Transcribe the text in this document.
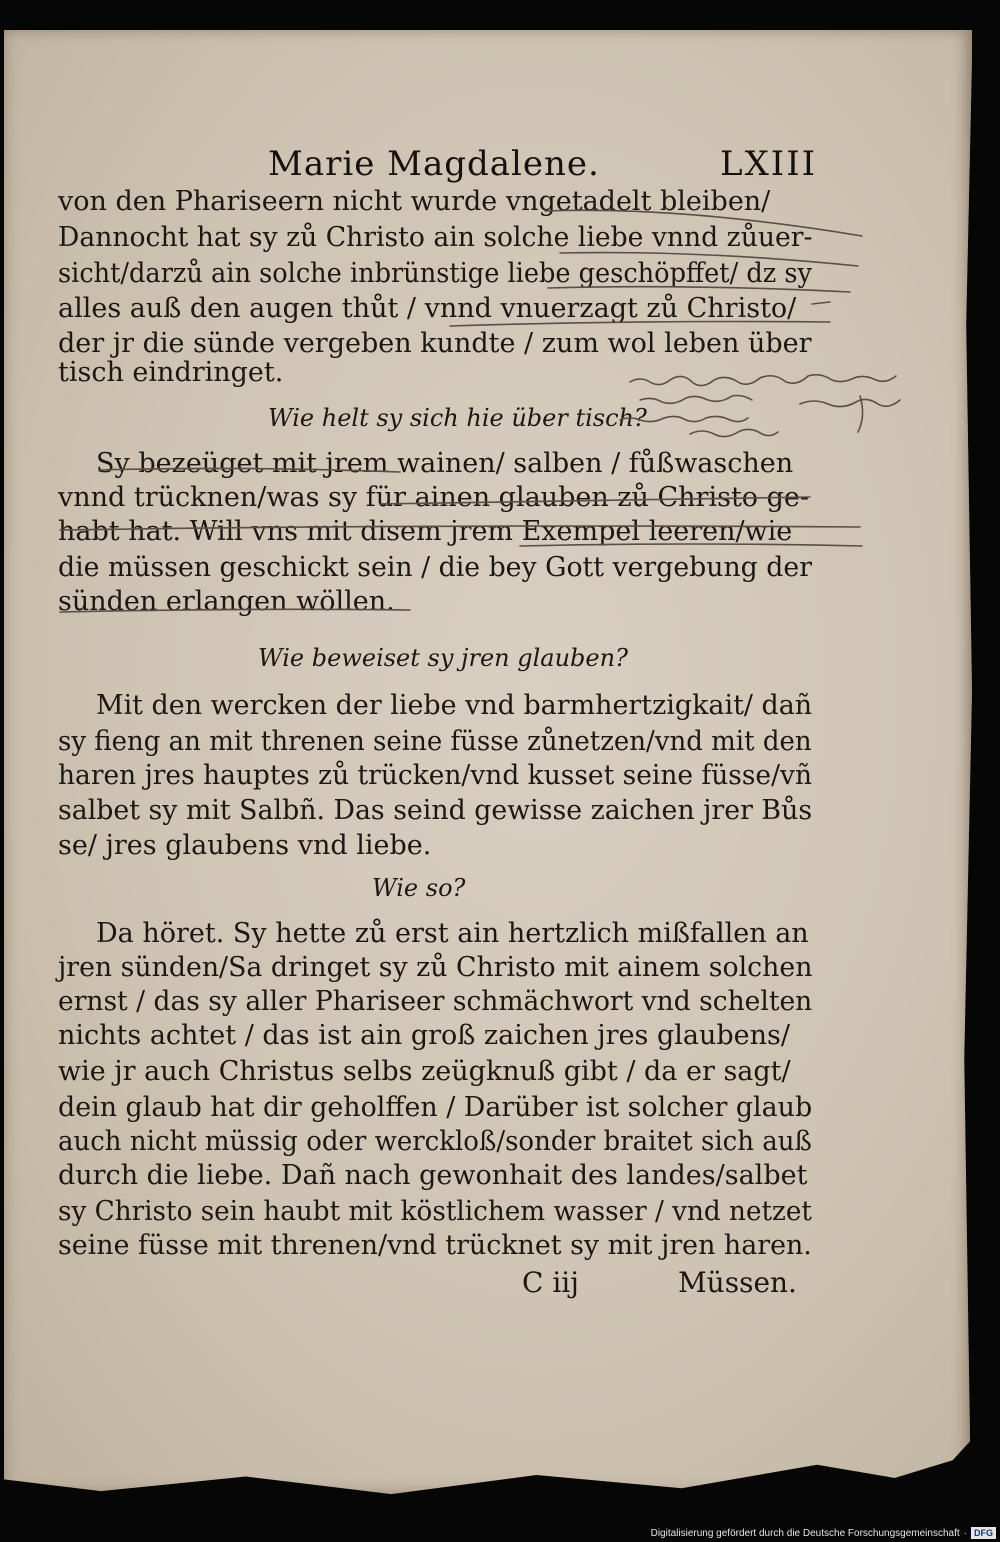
Marie Magdalene.	LXIII
von den Phariseern nicht wurde vngetadelt bleiben/
Dannocht hat sy zů Christo ain solche liebe vnnd zůuer-
sicht/darzů ain solche inbrünstige liebe geschöpffet/ dz sy
alles auß den augen thůt / vnnd vnuerzagt zů Christo/
der jr die sünde vergeben kundte / zum wol leben über
tisch eindringet.
Wie helt sy sich hie über tisch?
Sy bezeüget mit jrem wainen/ salben / fůßwaschen
vnnd trücknen/was sy für ainen glauben zů Christo ge-
habt hat. Will vns mit disem jrem Exempel leeren/wie
die müssen geschickt sein / die bey Gott vergebung der
sünden erlangen wöllen.
Wie beweiset sy jren glauben?
Mit den wercken der liebe vnd barmhertzigkait/ dañ
sy fieng an mit threnen seine füsse zůnetzen/vnd mit den
haren jres hauptes zů trücken/vnd kusset seine füsse/vñ
salbet sy mit Salbñ. Das seind gewisse zaichen jrer Bůs
se/ jres glaubens vnd liebe.
Wie so?
Da höret. Sy hette zů erst ain hertzlich mißfallen an
jren sünden/Sa dringet sy zů Christo mit ainem solchen
ernst / das sy aller Phariseer schmächwort vnd schelten
nichts achtet / das ist ain groß zaichen jres glaubens/
wie jr auch Christus selbs zeügknuß gibt / da er sagt/
dein glaub hat dir geholffen / Darüber ist solcher glaub
auch nicht müssig oder werckloß/sonder braitet sich auß
durch die liebe. Dañ nach gewonhait des landes/salbet
sy Christo sein haubt mit köstlichem wasser / vnd netzet
seine füsse mit threnen/vnd trücknet sy mit jren haren.
C iij	Müssen.
Digitalisierung gefördert durch die Deutsche Forschungsgemeinschaft · DFG
